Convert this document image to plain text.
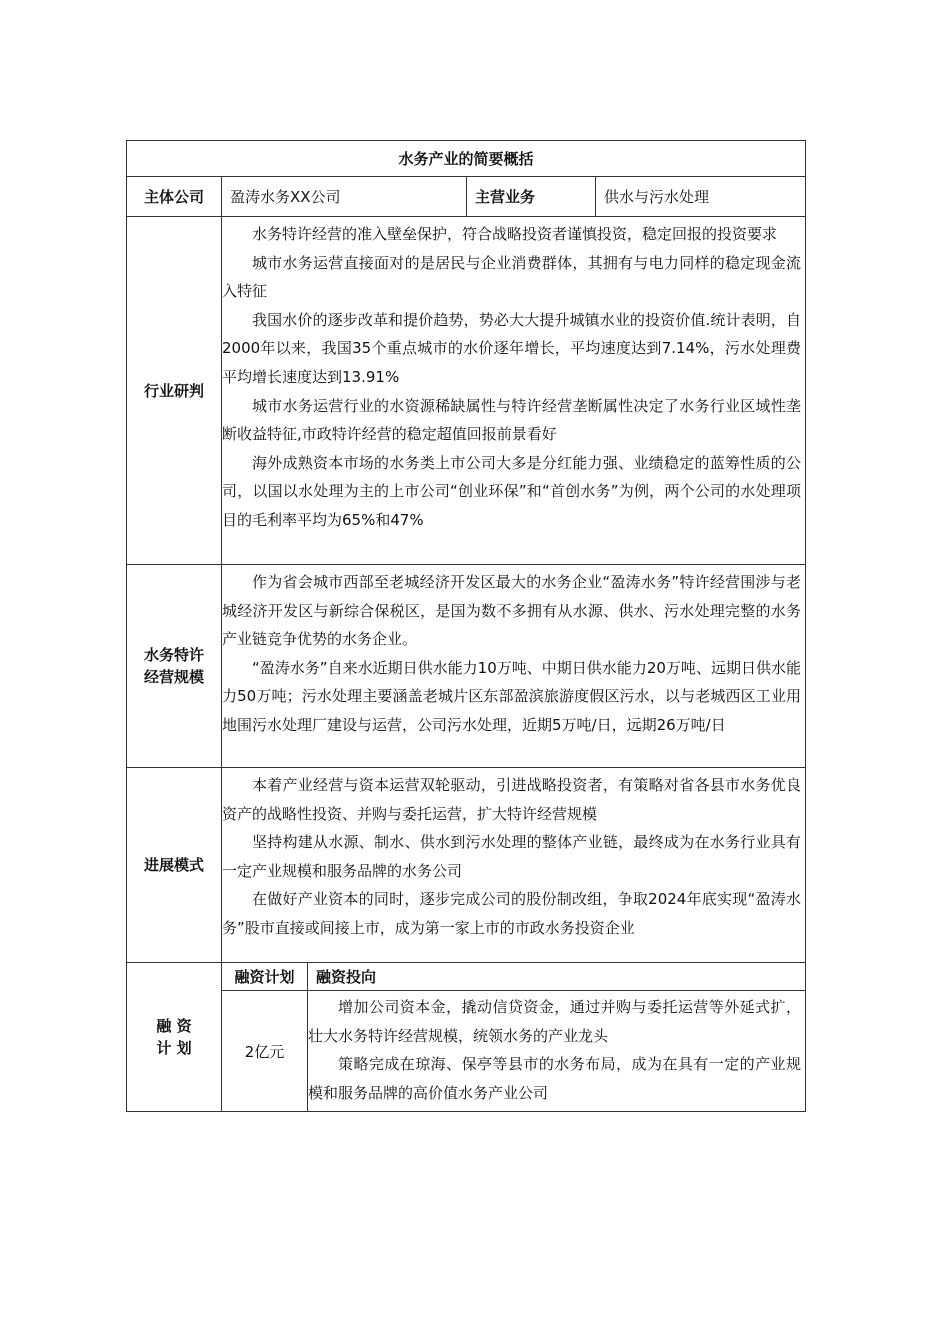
水务产业的简要概括				
主体公司	盈涛水务XX公司		主营业务	供水与污水处理
行业研判	水务特许经营的准入壁垒保护，符合战略投资者谨慎投资，稳定回报的投资要求

城市水务运营直接面对的是居民与企业消费群体，其拥有与电力同样的稳定现金流入特征

我国水价的逐步改革和提价趋势，势必大大提升城镇水业的投资价值.统计表明，自2000年以来，我国35个重点城市的水价逐年增长，平均速度达到7.14%，污水处理费平均增长速度达到13.91%

城市水务运营行业的水资源稀缺属性与特许经营垄断属性决定了水务行业区域性垄断收益特征,市政特许经营的稳定超值回报前景看好

海外成熟资本市场的水务类上市公司大多是分红能力强、业绩稳定的蓝筹性质的公司，以国以水处理为主的上市公司“创业环保”和“首创水务”为例，两个公司的水处理项目的毛利率平均为65%和47%			

水务特许经营规模	作为省会城市西部至老城经济开发区最大的水务企业“盈涛水务”特许经营围涉与老城经济开发区与新综合保税区，是国为数不多拥有从水源、供水、污水处理完整的水务产业链竞争优势的水务企业。

“盈涛水务”自来水近期日供水能力10万吨、中期日供水能力20万吨、远期日供水能力50万吨；污水处理主要涵盖老城片区东部盈滨旅游度假区污水，以与老城西区工业用地围污水处理厂建设与运营，公司污水处理，近期5万吨/日，远期26万吨/日			

进展模式	本着产业经营与资本运营双轮驱动，引进战略投资者，有策略对省各县市水务优良资产的战略性投资、并购与委托运营，扩大特许经营规模

坚持构建从水源、制水、供水到污水处理的整体产业链，最终成为在水务行业具有一定产业规模和服务品牌的水务公司

在做好产业资本的同时，逐步完成公司的股份制改组，争取2024年底实现“盈涛水务”股市直接或间接上市，成为第一家上市的市政水务投资企业			

融 资
计 划	融资计划	融资投向		
	2亿元	增加公司资本金，撬动信贷资金，通过并购与委托运营等外延式扩，壮大水务特许经营规模，统领水务的产业龙头

策略完成在琼海、保亭等县市的水务布局，成为在具有一定的产业规模和服务品牌的高价值水务产业公司		
